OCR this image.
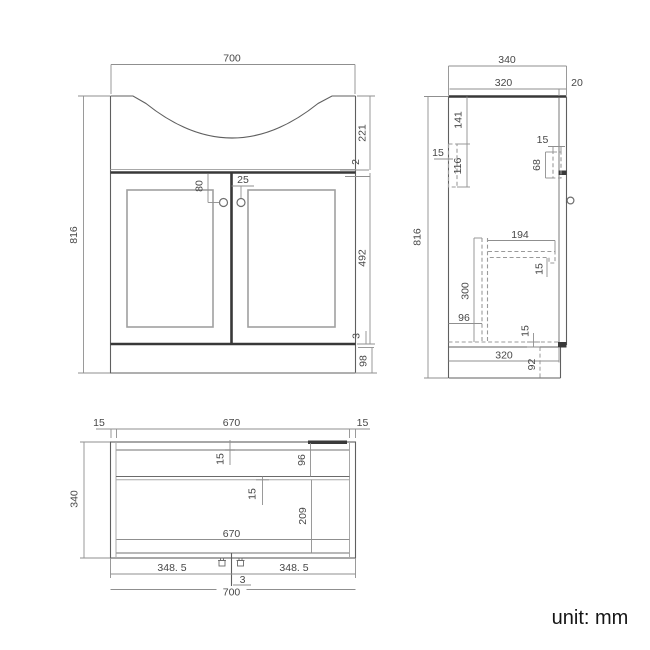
700
816
221
2
492
3
98
80	25
340
320	20
141
116
15
15
68
194
15
300
96
15
320
92
816
15	670	15
340
15	96
15
209
670
348. 5	348. 5
3
700
unit: mm
